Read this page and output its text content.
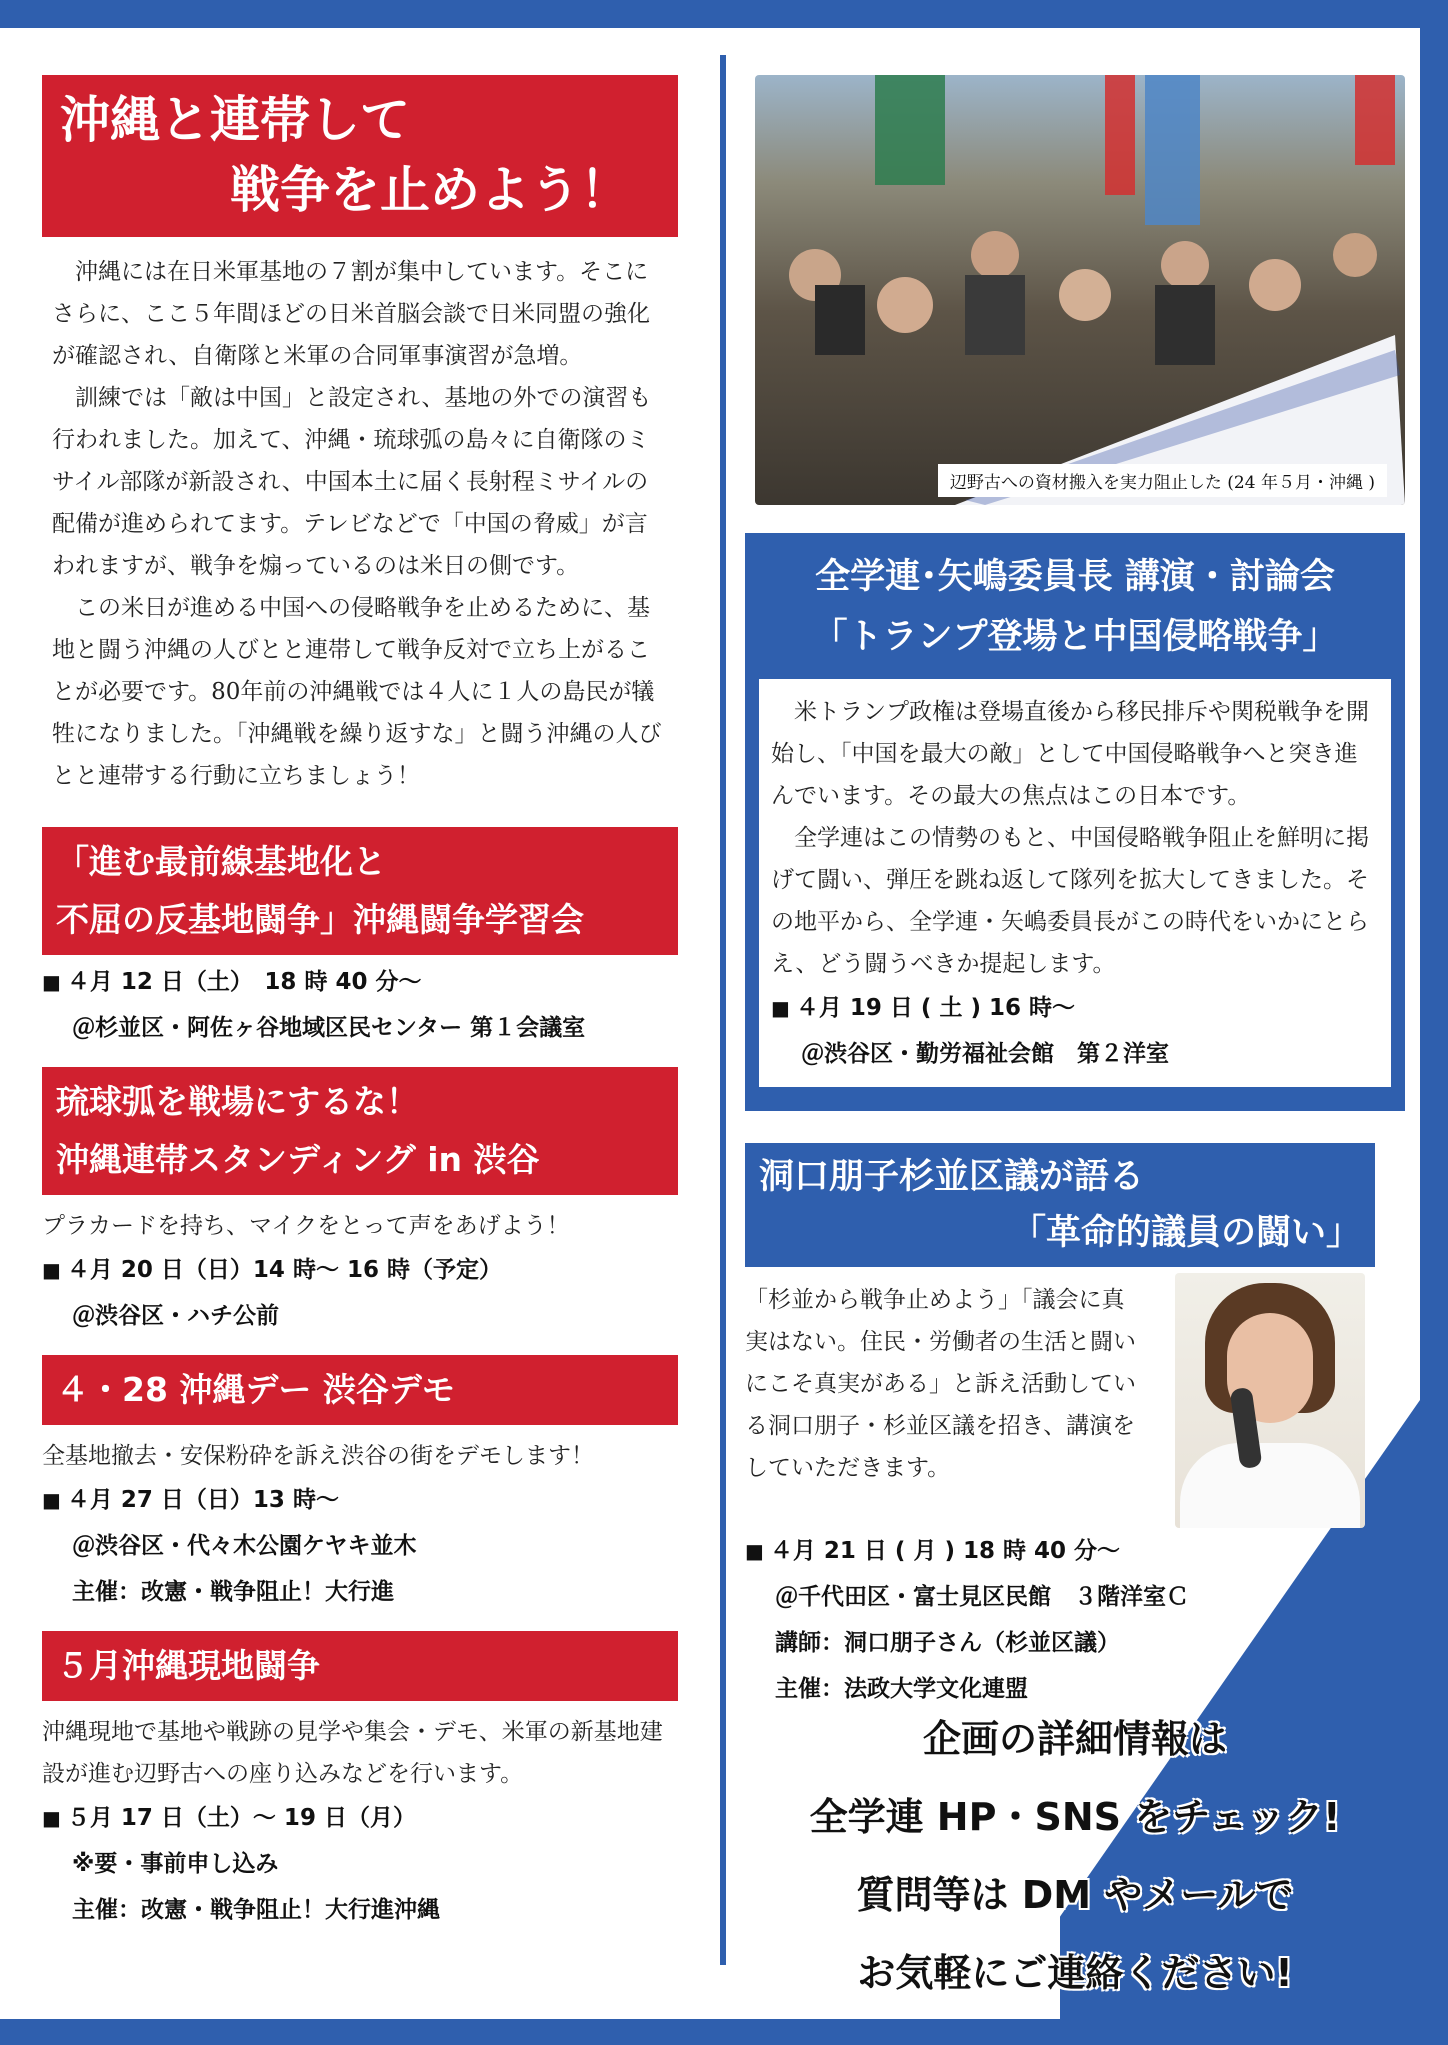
沖縄と連帯して
戦争を止めよう！

沖縄には在日米軍基地の７割が集中しています。そこにさらに、ここ５年間ほどの日米首脳会談で日米同盟の強化が確認され、自衛隊と米軍の合同軍事演習が急増。

訓練では「敵は中国」と設定され、基地の外での演習も行われました。加えて、沖縄・琉球弧の島々に自衛隊のミサイル部隊が新設され、中国本土に届く長射程ミサイルの配備が進められてます。テレビなどで「中国の脅威」が言われますが、戦争を煽っているのは米日の側です。

この米日が進める中国への侵略戦争を止めるために、基地と闘う沖縄の人びとと連帯して戦争反対で立ち上がることが必要です。80年前の沖縄戦では４人に１人の島民が犠牲になりました。「沖縄戦を繰り返すな」と闘う沖縄の人びとと連帯する行動に立ちましょう！

「進む最前線基地化と
不屈の反基地闘争」沖縄闘争学習会
■ ４月 12 日（土）　18 時 40 分～
＠杉並区・阿佐ヶ谷地域区民センター 第１会議室
琉球弧を戦場にするな！
沖縄連帯スタンディング in 渋谷
プラカードを持ち、マイクをとって声をあげよう！
■ ４月 20 日（日）14 時～ 16 時（予定）
＠渋谷区・ハチ公前
４・28 沖縄デー 渋谷デモ
全基地撤去・安保粉砕を訴え渋谷の街をデモします！
■ ４月 27 日（日）13 時～
＠渋谷区・代々木公園ケヤキ並木
主催：改憲・戦争阻止！大行進
５月沖縄現地闘争
沖縄現地で基地や戦跡の見学や集会・デモ、米軍の新基地建設が進む辺野古への座り込みなどを行います。
■ ５月 17 日（土）～ 19 日（月）
※要・事前申し込み
主催：改憲・戦争阻止！大行進沖縄
辺野古への資材搬入を実力阻止した (24 年５月・沖縄 )
全学連･矢嶋委員長 講演・討論会
「トランプ登場と中国侵略戦争」

米トランプ政権は登場直後から移民排斥や関税戦争を開始し、「中国を最大の敵」として中国侵略戦争へと突き進んでいます。その最大の焦点はこの日本です。

全学連はこの情勢のもと、中国侵略戦争阻止を鮮明に掲げて闘い、弾圧を跳ね返して隊列を拡大してきました。その地平から、全学連・矢嶋委員長がこの時代をいかにとらえ、どう闘うべきか提起します。

■ ４月 19 日 ( 土 ) 16 時～
＠渋谷区・勤労福祉会館　第２洋室
洞口朋子杉並区議が語る
「革命的議員の闘い」
「杉並から戦争止めよう」「議会に真実はない。住民・労働者の生活と闘いにこそ真実がある」と訴え活動している洞口朋子・杉並区議を招き、講演をしていただきます。
■ ４月 21 日 ( 月 ) 18 時 40 分～
＠千代田区・富士見区民館　３階洋室Ｃ
講師：洞口朋子さん（杉並区議）
主催：法政大学文化連盟
企画の詳細情報は
全学連 HP・SNS をチェック!
質問等は DM やメールで
お気軽にご連絡ください!
